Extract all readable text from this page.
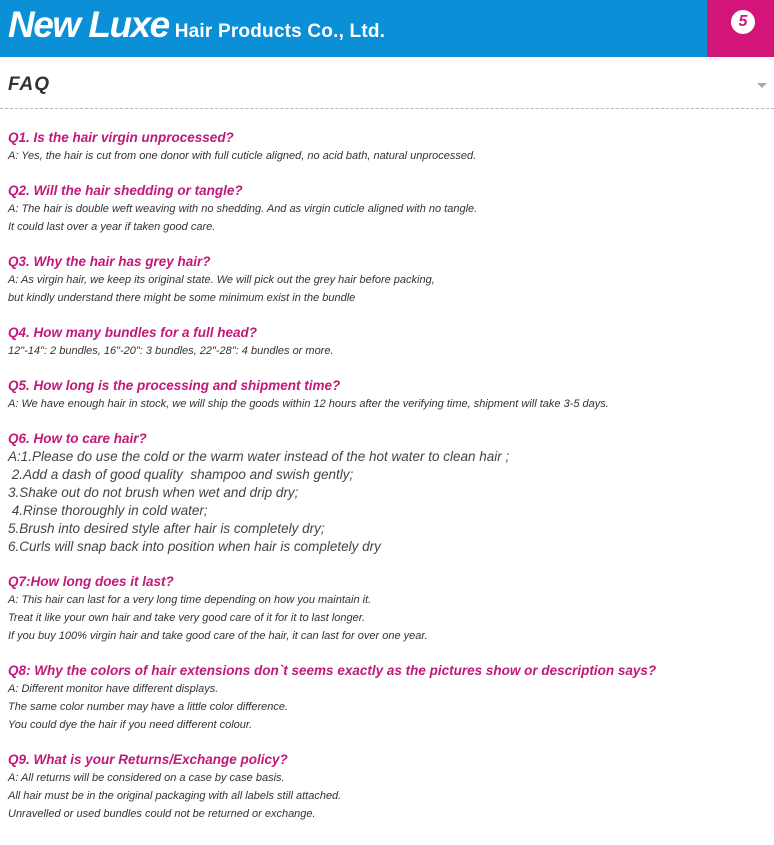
New Luxe Hair Products Co., Ltd.	5
FAQ
Q1. Is the hair virgin unprocessed?
A: Yes, the hair is cut from one donor with full cuticle aligned, no acid bath, natural unprocessed.
Q2. Will the hair shedding or tangle?
A: The hair is double weft weaving with no shedding. And as virgin cuticle aligned with no tangle.
It could last over a year if taken good care.
Q3. Why the hair has grey hair?
A: As virgin hair, we keep its original state. We will pick out the grey hair before packing,
but kindly understand there might be some minimum exist in the bundle
Q4. How many bundles for a full head?
12"-14": 2 bundles, 16"-20": 3 bundles, 22"-28": 4 bundles or more.
Q5. How long is the processing and shipment time?
A: We have enough hair in stock, we will ship the goods within 12 hours after the verifying time, shipment will take 3-5 days.
Q6. How to care hair?
A:1.Please do use the cold or the warm water instead of the hot water to clean hair ;
2.Add a dash of good quality  shampoo and swish gently;
3.Shake out do not brush when wet and drip dry;
4.Rinse thoroughly in cold water;
5.Brush into desired style after hair is completely dry;
6.Curls will snap back into position when hair is completely dry
Q7:How long does it last?
A: This hair can last for a very long time depending on how you maintain it.
Treat it like your own hair and take very good care of it for it to last longer.
If you buy 100% virgin hair and take good care of the hair, it can last for over one year.
Q8: Why the colors of hair extensions don`t seems exactly as the pictures show or description says?
A: Different monitor have different displays.
The same color number may have a little color difference.
You could dye the hair if you need different colour.
Q9. What is your Returns/Exchange policy?
A: All returns will be considered on a case by case basis.
All hair must be in the original packaging with all labels still attached.
Unravelled or used bundles could not be returned or exchange.
